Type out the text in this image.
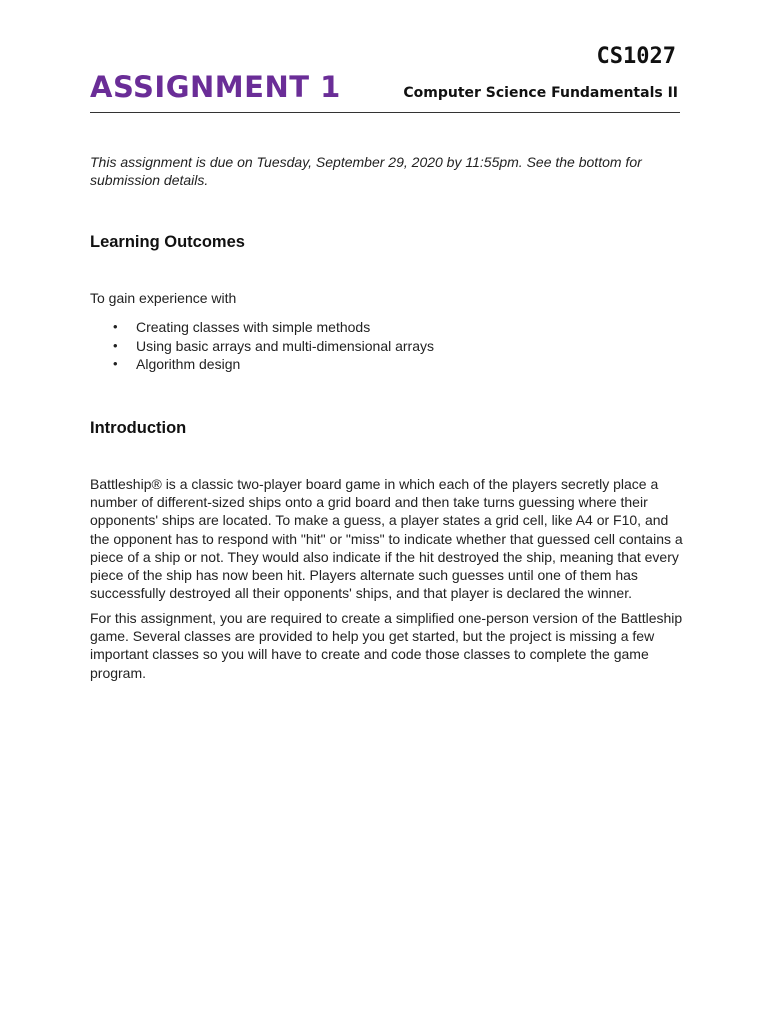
CS1027
ASSIGNMENT 1	Computer Science Fundamentals II
This assignment is due on Tuesday, September 29, 2020 by 11:55pm. See the bottom for submission details.
Learning Outcomes
To gain experience with
• Creating classes with simple methods
• Using basic arrays and multi-dimensional arrays
• Algorithm design
Introduction

Battleship® is a classic two-player board game in which each of the players secretly place a number of different-sized ships onto a grid board and then take turns guessing where their opponents' ships are located. To make a guess, a player states a grid cell, like A4 or F10, and the opponent has to respond with "hit" or "miss" to indicate whether that guessed cell contains a piece of a ship or not. They would also indicate if the hit destroyed the ship, meaning that every piece of the ship has now been hit. Players alternate such guesses until one of them has successfully destroyed all their opponents' ships, and that player is declared the winner.

For this assignment, you are required to create a simplified one-person version of the Battleship game. Several classes are provided to help you get started, but the project is missing a few important classes so you will have to create and code those classes to complete the game program.
